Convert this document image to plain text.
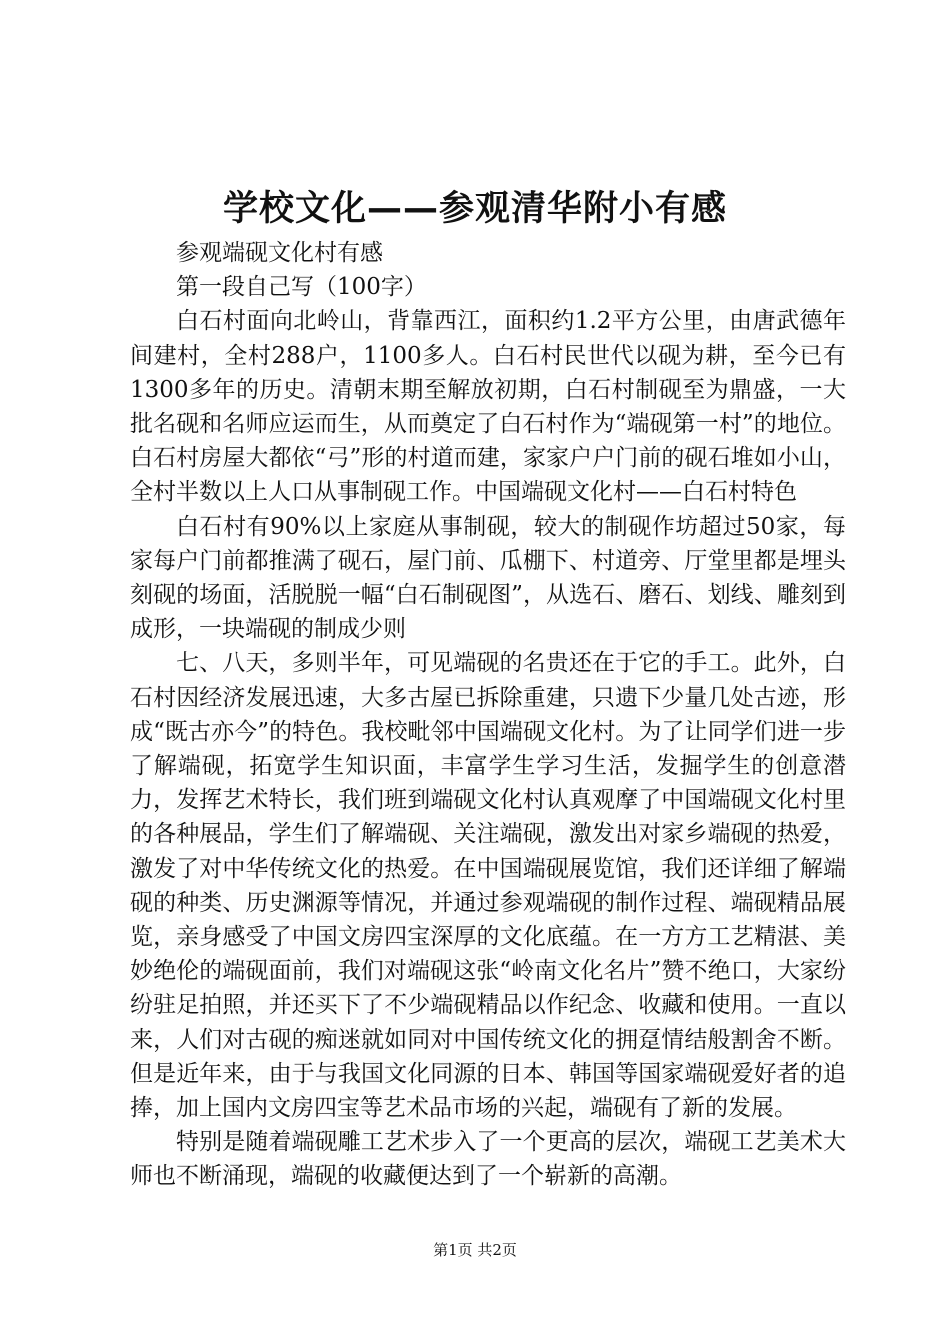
学校文化——参观清华附小有感

参观端砚文化村有感

第一段自己写（100字）

白石村面向北岭山，背靠西江，面积约1.2平方公里，由唐武德年间建村，全村288户，1100多人。白石村民世代以砚为耕，至今已有1300多年的历史。清朝末期至解放初期，白石村制砚至为鼎盛，一大批名砚和名师应运而生，从而奠定了白石村作为“端砚第一村”的地位。白石村房屋大都依“弓”形的村道而建，家家户户门前的砚石堆如小山，全村半数以上人口从事制砚工作。中国端砚文化村——白石村特色

白石村有90%以上家庭从事制砚，较大的制砚作坊超过50家，每家每户门前都推满了砚石，屋门前、瓜棚下、村道旁、厅堂里都是埋头刻砚的场面，活脱脱一幅“白石制砚图”，从选石、磨石、划线、雕刻到成形，一块端砚的制成少则

七、八天，多则半年，可见端砚的名贵还在于它的手工。此外，白石村因经济发展迅速，大多古屋已拆除重建，只遗下少量几处古迹，形成“既古亦今”的特色。我校毗邻中国端砚文化村。为了让同学们进一步了解端砚，拓宽学生知识面，丰富学生学习生活，发掘学生的创意潜力，发挥艺术特长，我们班到端砚文化村认真观摩了中国端砚文化村里的各种展品，学生们了解端砚、关注端砚，激发出对家乡端砚的热爱，激发了对中华传统文化的热爱。在中国端砚展览馆，我们还详细了解端砚的种类、历史渊源等情况，并通过参观端砚的制作过程、端砚精品展览，亲身感受了中国文房四宝深厚的文化底蕴。在一方方工艺精湛、美妙绝伦的端砚面前，我们对端砚这张“岭南文化名片”赞不绝口，大家纷纷驻足拍照，并还买下了不少端砚精品以作纪念、收藏和使用。一直以来，人们对古砚的痴迷就如同对中国传统文化的拥趸情结般割舍不断。但是近年来，由于与我国文化同源的日本、韩国等国家端砚爱好者的追捧，加上国内文房四宝等艺术品市场的兴起，端砚有了新的发展。

特别是随着端砚雕工艺术步入了一个更高的层次，端砚工艺美术大师也不断涌现，端砚的收藏便达到了一个崭新的高潮。

第1页 共2页
